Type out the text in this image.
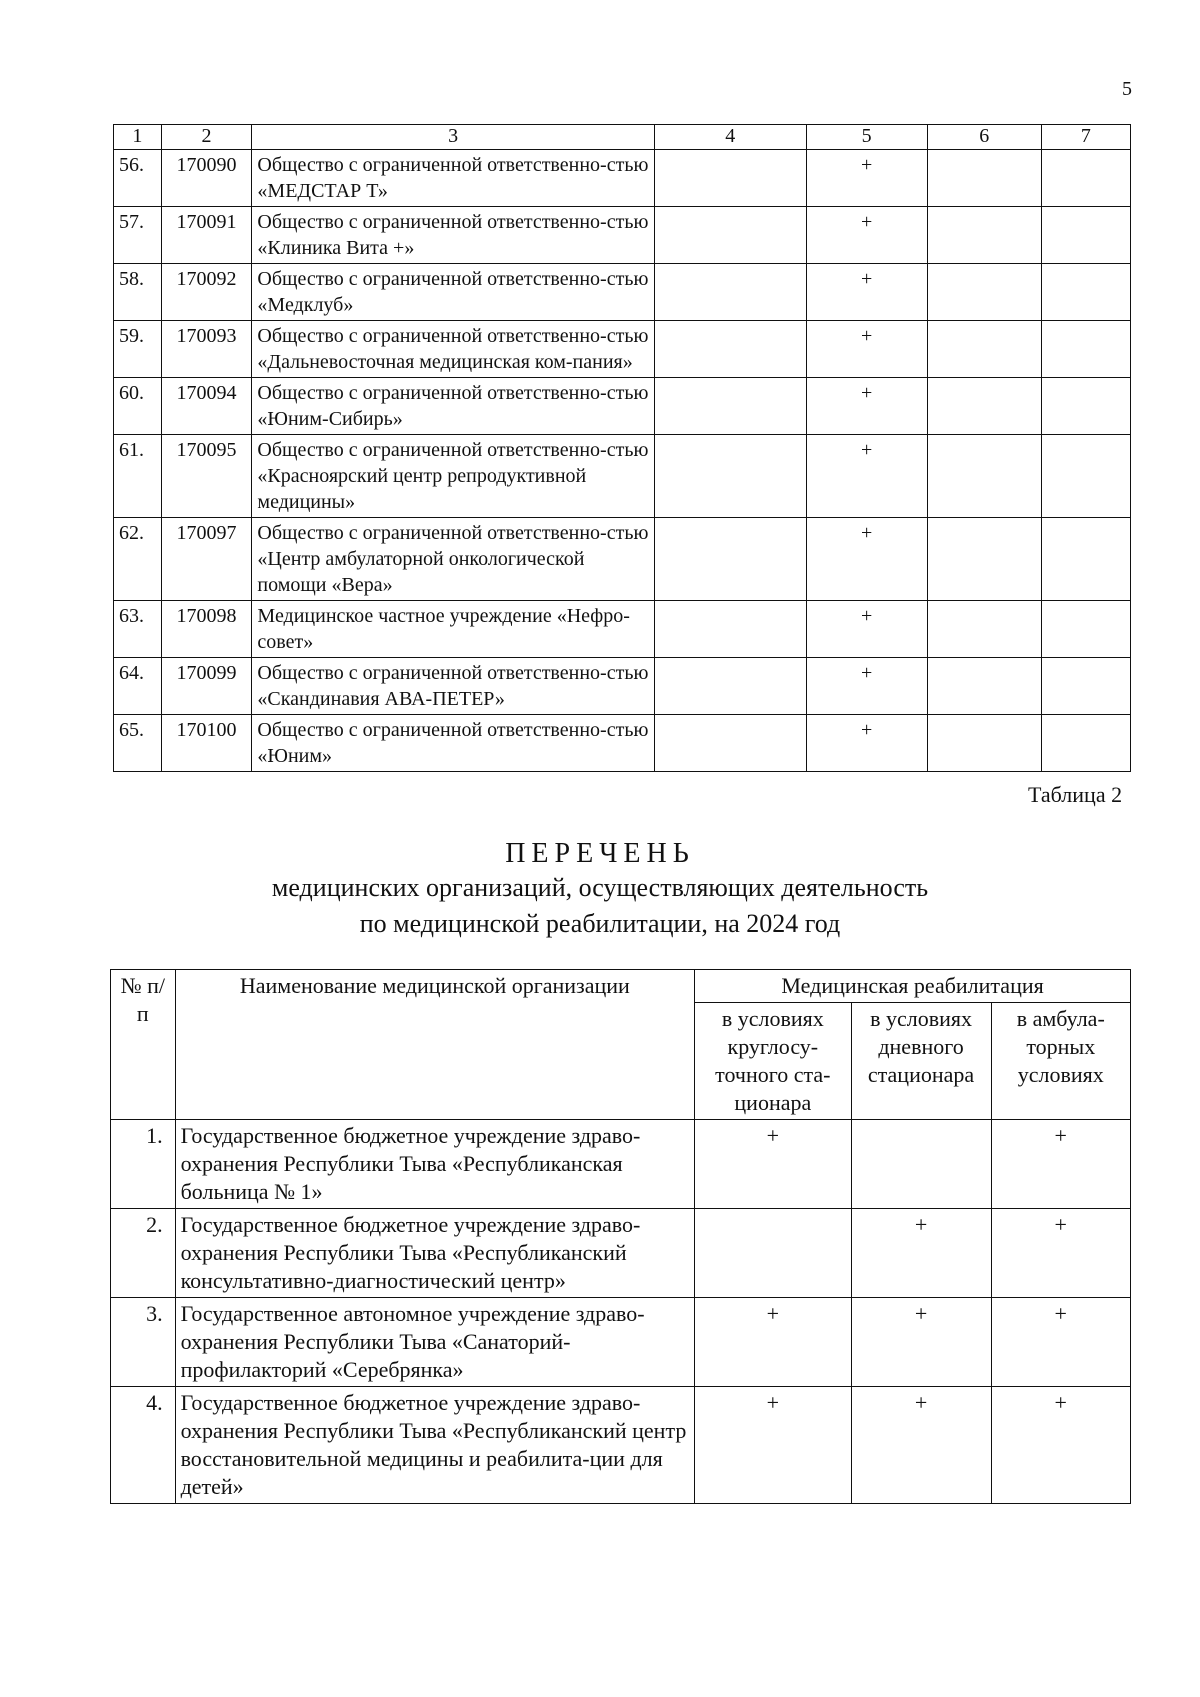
5
1	2	3	4	5	6	7
56.	170090	Общество с ограниченной ответственно-стью «МЕДСТАР Т»		+		
57.	170091	Общество с ограниченной ответственно-стью «Клиника Вита +»		+		
58.	170092	Общество с ограниченной ответственно-стью «Медклуб»		+		
59.	170093	Общество с ограниченной ответственно-стью «Дальневосточная медицинская ком-пания»		+		
60.	170094	Общество с ограниченной ответственно-стью «Юним-Сибирь»		+		
61.	170095	Общество с ограниченной ответственно-стью «Красноярский центр репродуктивной медицины»		+		
62.	170097	Общество с ограниченной ответственно-стью «Центр амбулаторной онкологической помощи «Вера»		+		
63.	170098	Медицинское частное учреждение «Нефро-совет»		+		
64.	170099	Общество с ограниченной ответственно-стью «Скандинавия АВА-ПЕТЕР»		+		
65.	170100	Общество с ограниченной ответственно-стью «Юним»		+		
Таблица 2
ПЕРЕЧЕНЬ
медицинских организаций, осуществляющих деятельность
по медицинской реабилитации, на 2024 год
№ п/п	Наименование медицинской организации	Медицинская реабилитация		
		в условиях круглосу-точного ста-ционара	в условиях дневного стационара	в амбула-торных условиях
1.	Государственное бюджетное учреждение здраво-охранения Республики Тыва «Республиканская больница № 1»	+		+
2.	Государственное бюджетное учреждение здраво-охранения Республики Тыва «Республиканский консультативно-диагностический центр»		+	+
3.	Государственное автономное учреждение здраво-охранения Республики Тыва «Санаторий-профилакторий «Серебрянка»	+	+	+
4.	Государственное бюджетное учреждение здраво-охранения Республики Тыва «Республиканский центр восстановительной медицины и реабилита-ции для детей»	+	+	+
